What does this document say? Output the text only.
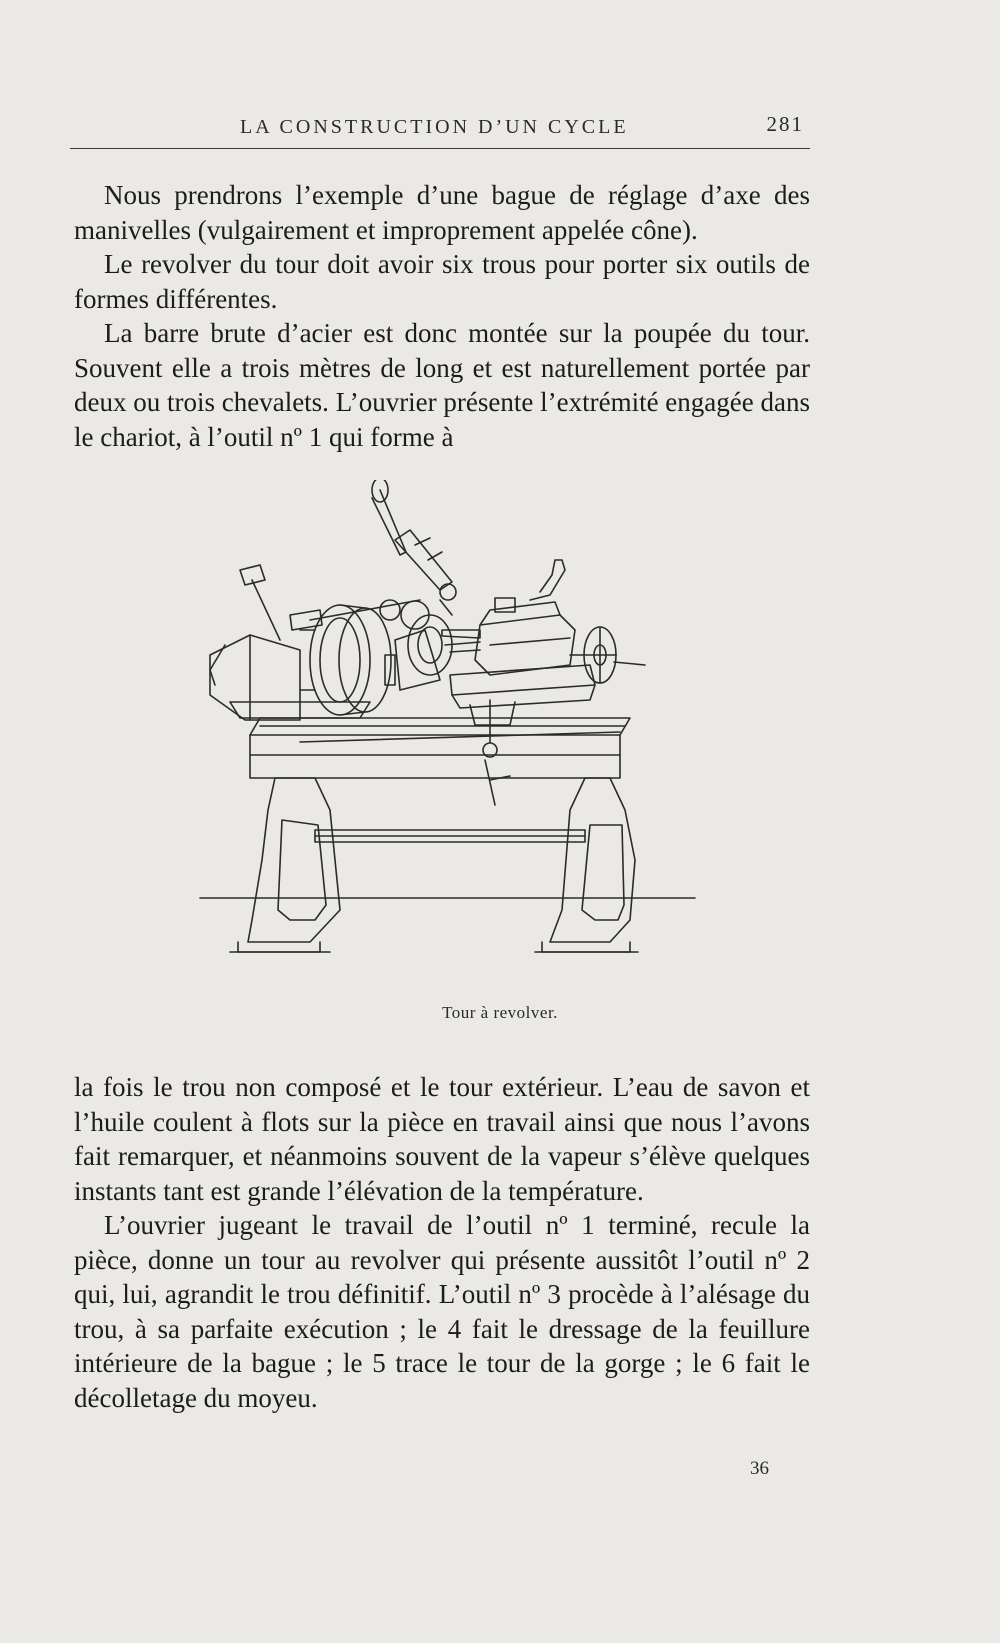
LA CONSTRUCTION D’UN CYCLE	281

Nous prendrons l’exemple d’une bague de réglage d’axe des manivelles (vulgairement et improprement appelée cône).

Le revolver du tour doit avoir six trous pour porter six outils de formes différentes.

La barre brute d’acier est donc montée sur la poupée du tour. Souvent elle a trois mètres de long et est naturellement portée par deux ou trois chevalets. L’ouvrier présente l’extrémité engagée dans le chariot, à l’outil nº 1 qui forme à

Tour à revolver.

la fois le trou non composé et le tour extérieur. L’eau de savon et l’huile coulent à flots sur la pièce en travail ainsi que nous l’avons fait remarquer, et néanmoins souvent de la vapeur s’élève quelques instants tant est grande l’élévation de la température.

L’ouvrier jugeant le travail de l’outil nº 1 terminé, recule la pièce, donne un tour au revolver qui présente aussitôt l’outil nº 2 qui, lui, agrandit le trou définitif. L’outil nº 3 procède à l’alésage du trou, à sa parfaite exécution ; le 4 fait le dressage de la feuillure intérieure de la bague ; le 5 trace le tour de la gorge ; le 6 fait le décolletage du moyeu.

36
